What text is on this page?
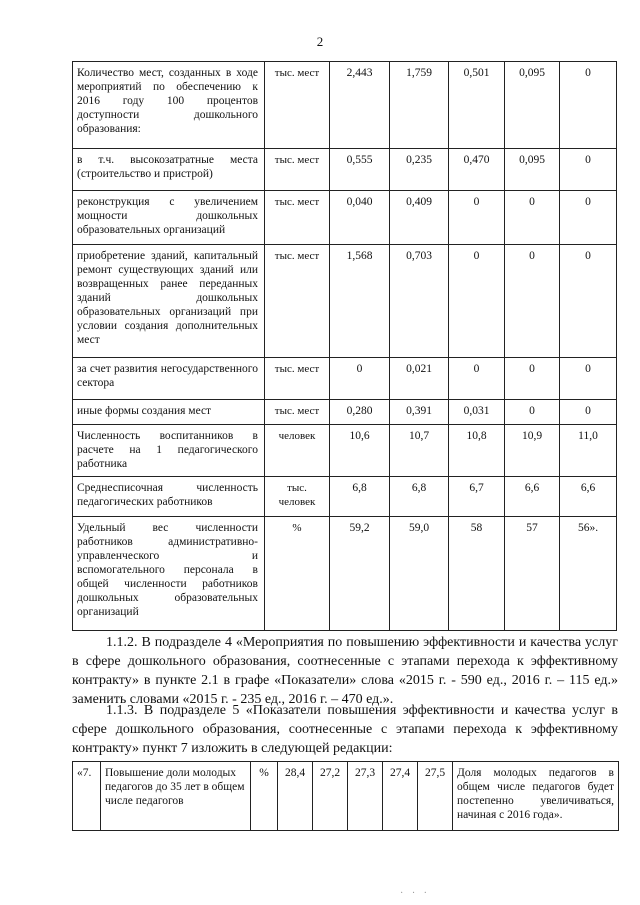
2
Количество мест, созданных в ходе мероприятий по обеспечению к 2016 году 100 процентов доступности дошкольного образования:	тыс. мест	2,443	1,759	0,501	0,095	0
в т.ч. высокозатратные места (строительство и пристрой)	тыс. мест	0,555	0,235	0,470	0,095	0
реконструкция с увеличением мощности дошкольных образовательных организаций	тыс. мест	0,040	0,409	0	0	0
приобретение зданий, капитальный ремонт существующих зданий или возвращенных ранее переданных зданий дошкольных образовательных организаций при условии создания дополнительных мест	тыс. мест	1,568	0,703	0	0	0
за счет развития негосударственного сектора	тыс. мест	0	0,021	0	0	0
иные формы создания мест	тыс. мест	0,280	0,391	0,031	0	0
Численность воспитанников в расчете на 1 педагогического работника	человек	10,6	10,7	10,8	10,9	11,0
Среднесписочная численность педагогических работников	тыс. человек	6,8	6,8	6,7	6,6	6,6
Удельный вес численности работников административно-управленческого и вспомогательного персонала в общей численности работников дошкольных образовательных организаций	%	59,2	59,0	58	57	56».

1.1.2. В подразделе 4 «Мероприятия по повышению эффективности и качества услуг в сфере дошкольного образования, соотнесенные с этапами перехода к эффективному контракту» в пункте 2.1 в графе «Показатели» слова «2015 г. - 590 ед., 2016 г. – 115 ед.» заменить словами «2015 г. - 235 ед., 2016 г. – 470 ед.».

1.1.3. В подразделе 5 «Показатели повышения эффективности и качества услуг в сфере дошкольного образования, соотнесенные с этапами перехода к эффективному контракту» пункт 7 изложить в следующей редакции:

«7.	Повышение доли молодых педагогов до 35 лет в общем числе педагогов	%	28,4	27,2	27,3	27,4	27,5	Доля молодых педагогов в общем числе педагогов будет постепенно увеличиваться, начиная с 2016 года».
· · ·
